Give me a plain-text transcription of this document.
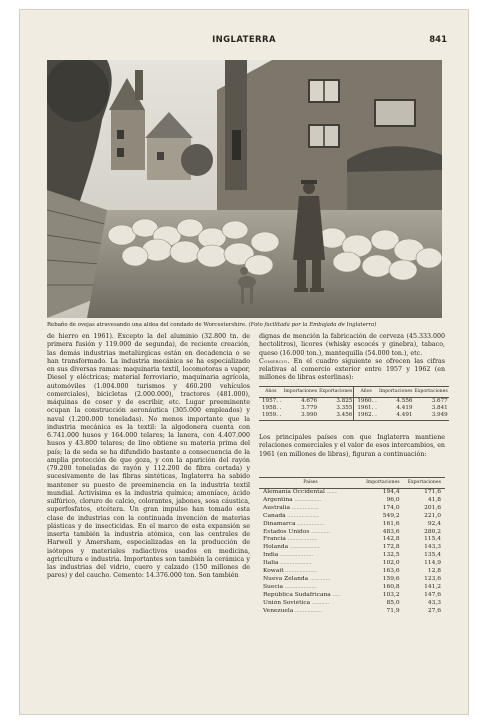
INGLATERRA	841
Rebaño de ovejas atravesando una aldea del condado de Worcestershire. (Foto facilitada por la Embajada de Inglaterra)

de hierro en 1961). Excepto la del aluminio (32.800 tn. de primera fusión y 119.000 de segunda), de reciente creación, las demás industrias metalúrgicas están en decadencia o se han transformado. La industria mecánica se ha especializado en sus diversas ramas: maquinaria textil, locomotoras a vapor, Diesel y eléctricas; material ferroviario, maquinaria agrícola, automóviles (1.004.000 turismos y 460.200 vehículos comerciales), bicicletas (2.000.000), tractores (481.000), máquinas de coser y de escribir, etc. Lugar preeminente ocupan la construcción aeronáutica (305.000 empleados) y naval (1.200.000 toneladas). No menos importante que la industria mecánica es la textil: la algodonera cuenta con 6.741.000 husos y 164.000 telares; la lanera, con 4.407.000 husos y 43.800 telares; de lino obtiene su materia prima del país; la de seda se ha difundido bastante a consecuencia de la amplia protección de que goza, y con la aparición del rayón (79.200 toneladas de rayón y 112.200 de fibra cortada) y sucesivamente de las fibras sintéticas, Inglaterra ha sabido mantener su puesto de preeminencia en la industria textil mundial. Activísima es la industria química; amoníaco, ácido sulfúrico, cloruro de calcio, colorantes, jabones, sosa cáustica, superfosfatos, etcétera. Un gran impulso han tomado esta clase de industrias con la continuada invención de materias plásticas y de insecticidas. En el marco de esta expansión se inserta también la industria atómica, con las centrales de Harwell y Amersham, especializadas en la producción de isótopos y materiales radiactivos usados en medicina, agricultura e industria. Importantes son también la cerámica y las industrias del vidrio, cuero y calzado (150 millones de pares) y del caucho. Cemento: 14.376.000 ton. Son también

dignas de mención la fabricación de cerveza (45.333.000 hectolitros), licores (whisky escocés y ginebra), tabaco, queso (16.000 ton.), mantequilla (54.000 ton.), etc.

Comercio. En el cuadro siguiente se ofrecen las cifras relativas al comercio exterior entre 1957 y 1962 (en millones de libras esterlinas):

Años	Importaciones	Exportaciones	Años	Importaciones	Exportaciones
1957. .	4.676	3.825	1960. .	4.556	3.677
1958. .	3.779	3.355	1961. .	4.419	3.841
1959. .	3.990	3.456	1962. .	4.491	3.949

Los principales países con que Inglaterra mantiene relaciones comerciales y el valor de esos intercambios, en 1961 (en millones de libras), figuran a continuación:

Países	Importaciones	Exportaciones
Alemania Occidental .......	194,4	171,6
Argentina .................	96,0	41,8
Australia .................	174,0	201,6
Canadá ....................	549,2	221,0
Dinamarca .................	161,6	92,4
Estados Unidos ............	483,6	280,2
Francia ...................	142,8	115,4
Holanda ...................	172,8	143,3
India .....................	132,5	135,4
Italia ....................	102,0	114,9
Kowait ....................	163,6	12,8
Nueva Zelanda .............	159,6	123,6
Suecia ....................	160,8	141,2
República Sudafricana .....	103,2	147,6
Unión Soviética ...........	85,0	43,3
Venezuela .................	71,9	27,6
